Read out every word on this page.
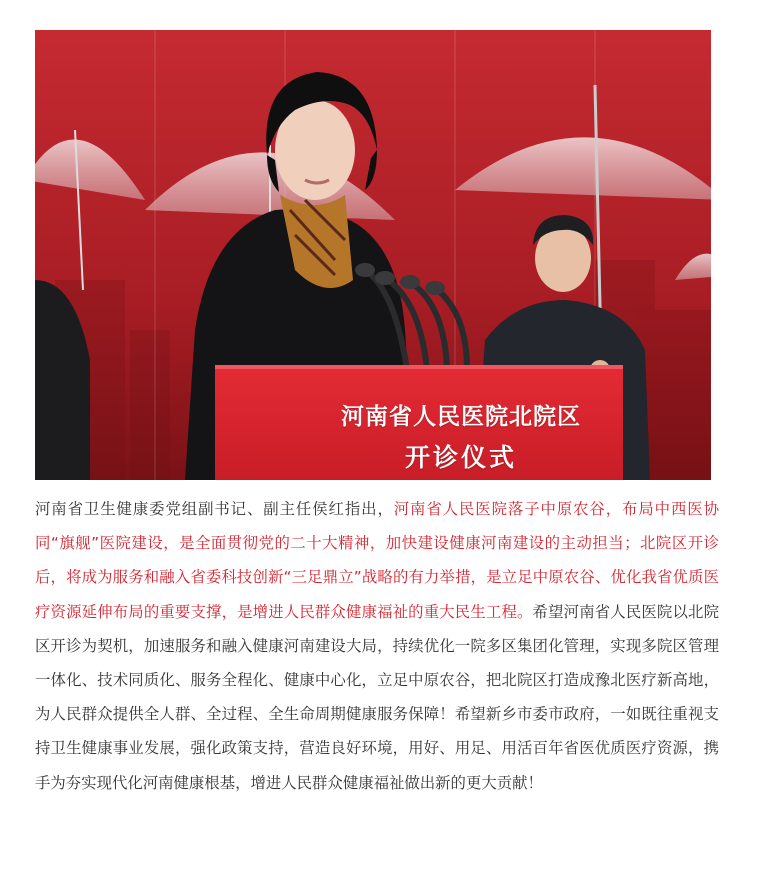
河南省人民医院北院区
开诊仪式

河南省卫生健康委党组副书记、副主任侯红指出，河南省人民医院落子中原农谷，布局中西医协同“旗舰”医院建设，是全面贯彻党的二十大精神，加快建设健康河南建设的主动担当；北院区开诊后，将成为服务和融入省委科技创新“三足鼎立”战略的有力举措，是立足中原农谷、优化我省优质医疗资源延伸布局的重要支撑，是增进人民群众健康福祉的重大民生工程。希望河南省人民医院以北院区开诊为契机，加速服务和融入健康河南建设大局，持续优化一院多区集团化管理，实现多院区管理一体化、技术同质化、服务全程化、健康中心化，立足中原农谷，把北院区打造成豫北医疗新高地，为人民群众提供全人群、全过程、全生命周期健康服务保障！希望新乡市委市政府，一如既往重视支持卫生健康事业发展，强化政策支持，营造良好环境，用好、用足、用活百年省医优质医疗资源，携手为夯实现代化河南健康根基，增进人民群众健康福祉做出新的更大贡献！
